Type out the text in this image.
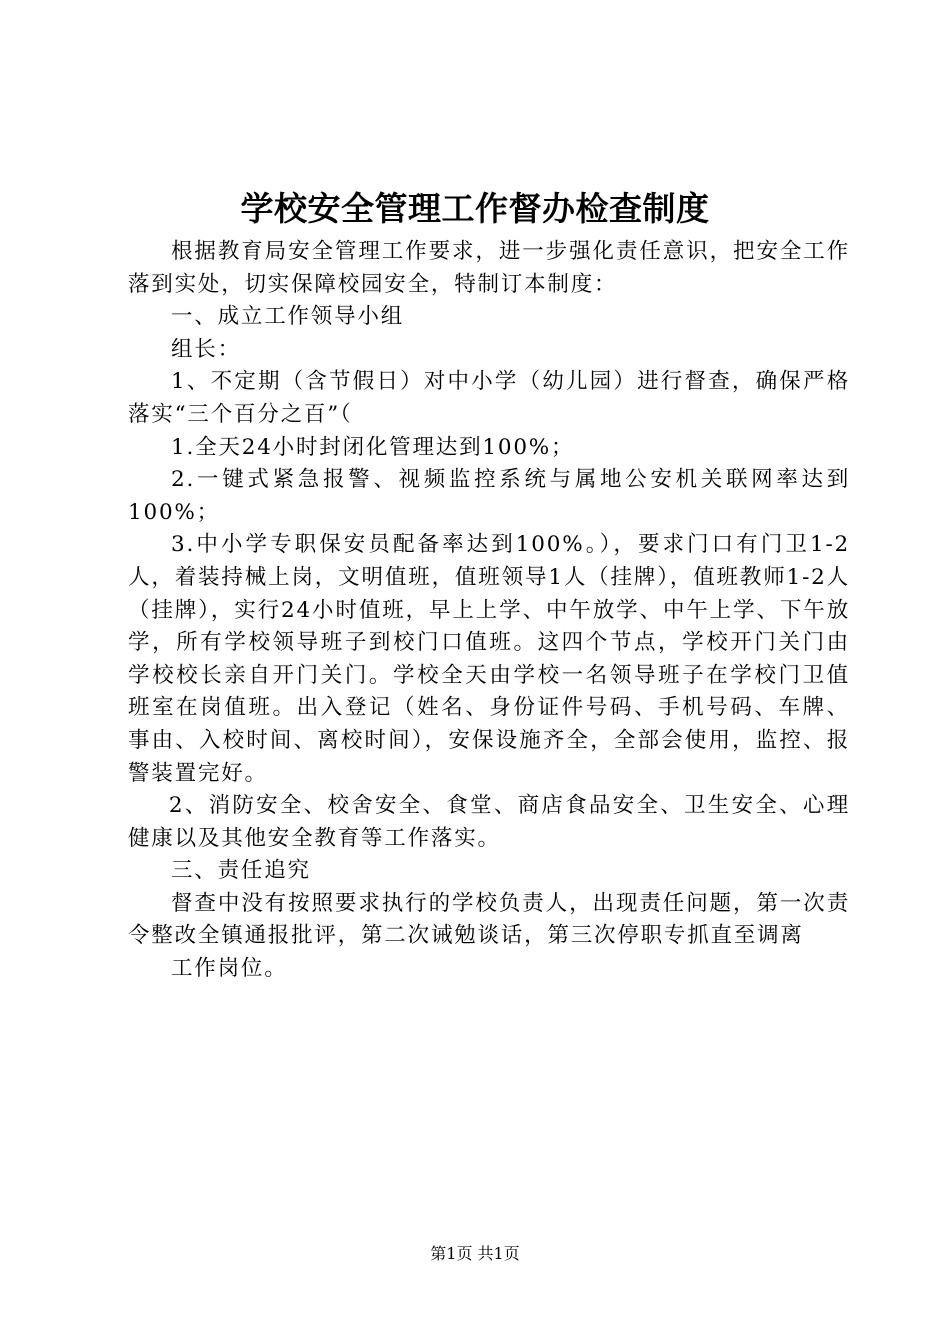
学校安全管理工作督办检查制度

根据教育局安全管理工作要求，进一步强化责任意识，把安全工作落到实处，切实保障校园安全，特制订本制度：

一、成立工作领导小组

组长：

1、不定期（含节假日）对中小学（幼儿园）进行督查，确保严格落实“三个百分之百”（

1.全天24小时封闭化管理达到100%；

2.一键式紧急报警、视频监控系统与属地公安机关联网率达到100%；

3.中小学专职保安员配备率达到100%。），要求门口有门卫1-2人，着装持械上岗，文明值班，值班领导1人（挂牌），值班教师1-2人（挂牌），实行24小时值班，早上上学、中午放学、中午上学、下午放学，所有学校领导班子到校门口值班。这四个节点，学校开门关门由学校校长亲自开门关门。学校全天由学校一名领导班子在学校门卫值班室在岗值班。出入登记（姓名、身份证件号码、手机号码、车牌、事由、入校时间、离校时间），安保设施齐全，全部会使用，监控、报警装置完好。

2、消防安全、校舍安全、食堂、商店食品安全、卫生安全、心理健康以及其他安全教育等工作落实。

三、责任追究

督查中没有按照要求执行的学校负责人，出现责任问题，第一次责令整改全镇通报批评，第二次诫勉谈话，第三次停职专抓直至调离

工作岗位。

第1页 共1页
